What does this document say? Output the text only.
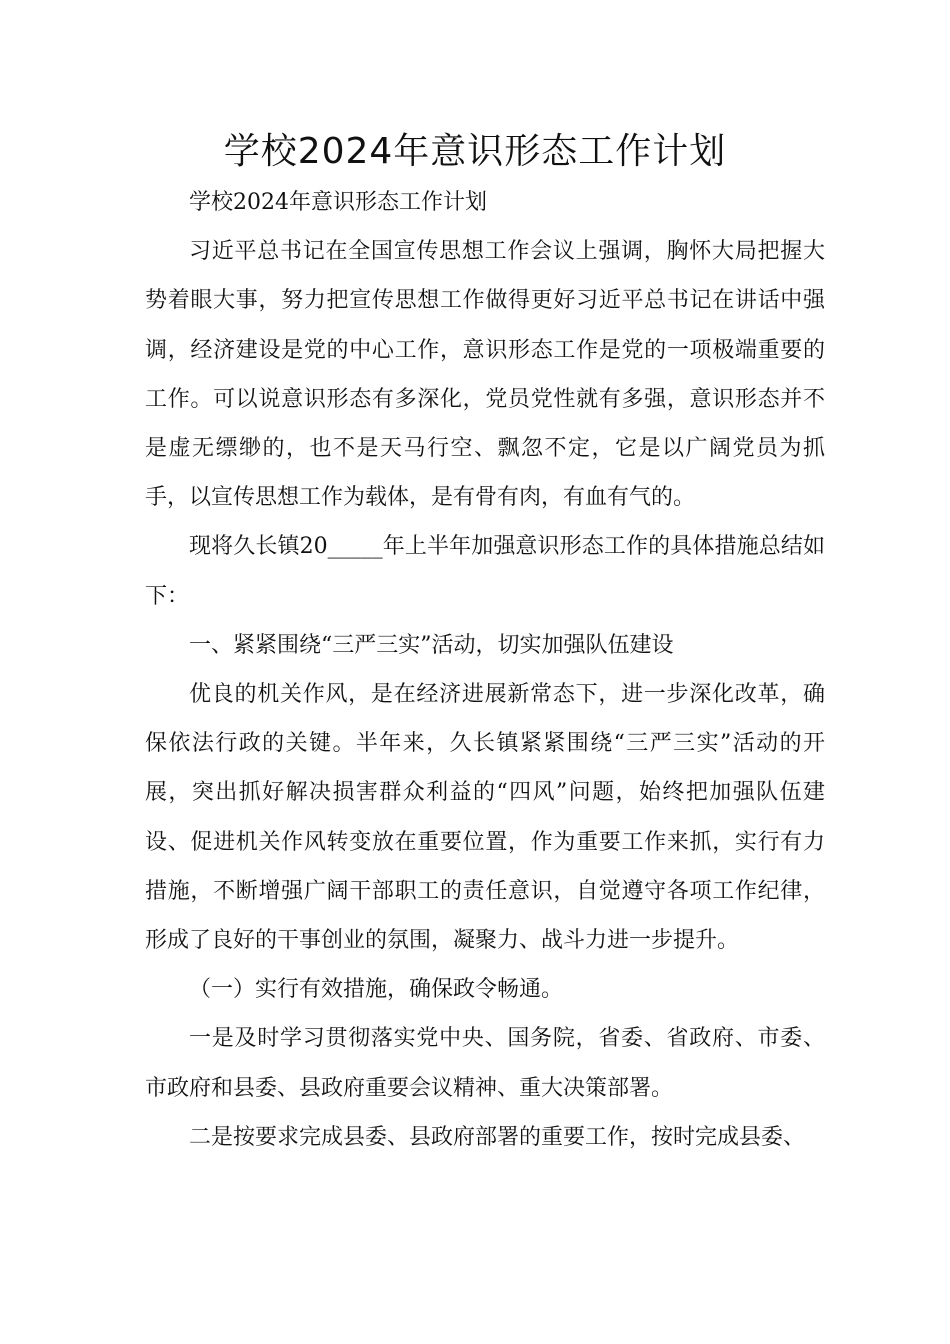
学校2024年意识形态工作计划

学校2024年意识形态工作计划

习近平总书记在全国宣传思想工作会议上强调，胸怀大局把握大势着眼大事，努力把宣传思想工作做得更好习近平总书记在讲话中强调，经济建设是党的中心工作，意识形态工作是党的一项极端重要的工作。可以说意识形态有多深化，党员党性就有多强，意识形态并不是虚无缥缈的，也不是天马行空、飘忽不定，它是以广阔党员为抓手，以宣传思想工作为载体，是有骨有肉，有血有气的。

现将久长镇20_____年上半年加强意识形态工作的具体措施总结如下：

一、紧紧围绕“三严三实”活动，切实加强队伍建设

优良的机关作风，是在经济进展新常态下，进一步深化改革，确保依法行政的关键。半年来，久长镇紧紧围绕“三严三实”活动的开展，突出抓好解决损害群众利益的“四风”问题，始终把加强队伍建设、促进机关作风转变放在重要位置，作为重要工作来抓，实行有力措施，不断增强广阔干部职工的责任意识，自觉遵守各项工作纪律，形成了良好的干事创业的氛围，凝聚力、战斗力进一步提升。

（一）实行有效措施，确保政令畅通。

一是及时学习贯彻落实党中央、国务院，省委、省政府、市委、市政府和县委、县政府重要会议精神、重大决策部署。

二是按要求完成县委、县政府部署的重要工作，按时完成县委、
